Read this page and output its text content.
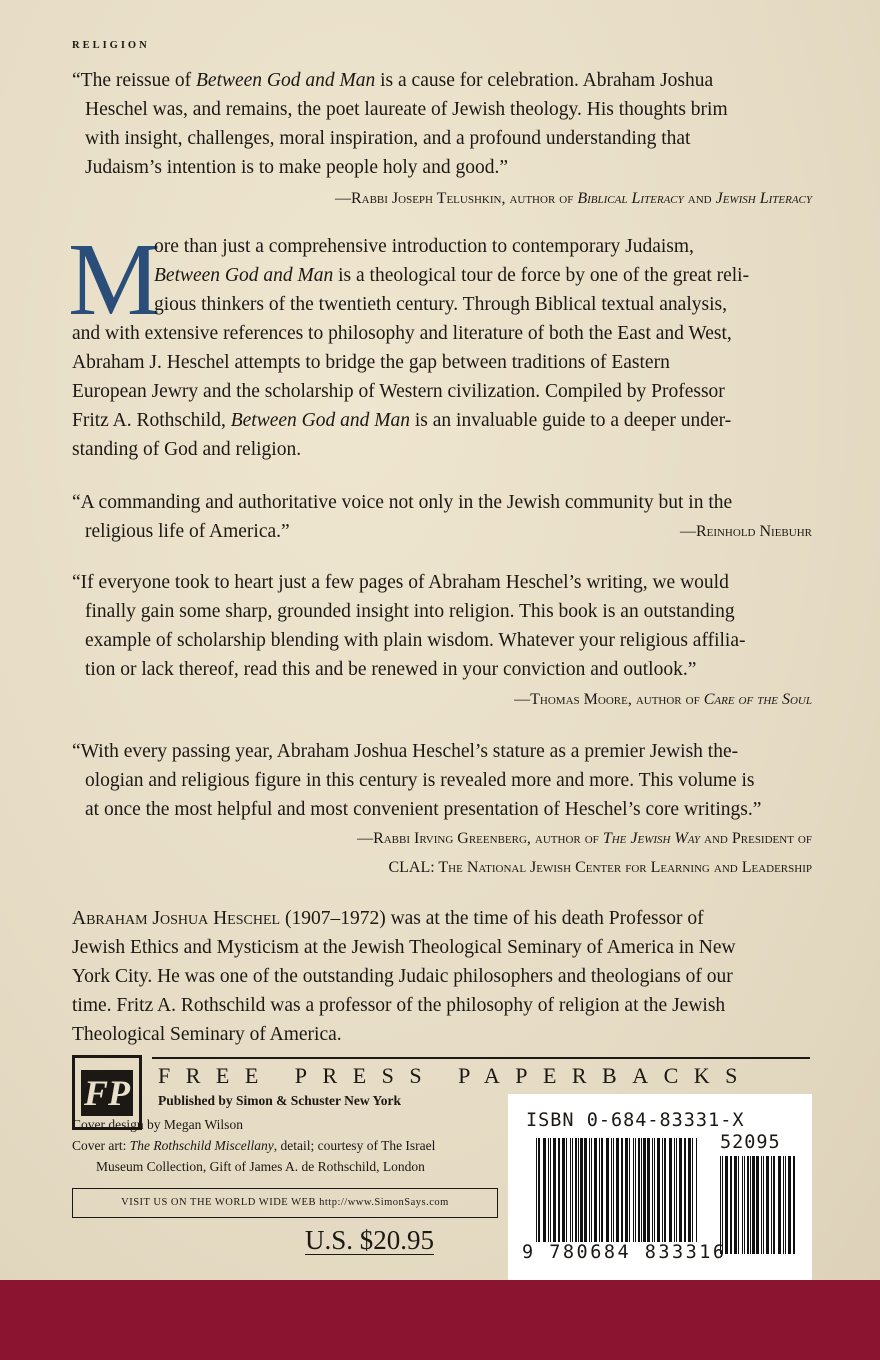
RELIGION
“The reissue of Between God and Man is a cause for celebration. Abraham Joshua

Heschel was, and remains, the poet laureate of Jewish theology. His thoughts brim
with insight, challenges, moral inspiration, and a profound understanding that
Judaism’s intention is to make people holy and good.”
—Rabbi Joseph Telushkin, author of Biblical Literacy and Jewish Literacy
M
ore than just a comprehensive introduction to contemporary Judaism,
Between God and Man is a theological tour de force by one of the great reli-
gious thinkers of the twentieth century. Through Biblical textual analysis,
and with extensive references to philosophy and literature of both the East and West,
Abraham J. Heschel attempts to bridge the gap between traditions of Eastern
European Jewry and the scholarship of Western civilization. Compiled by Professor
Fritz A. Rothschild, Between God and Man is an invaluable guide to a deeper under-
standing of God and religion.
“A commanding and authoritative voice not only in the Jewish community but in the

religious life of America.”	—Reinhold Niebuhr
“If everyone took to heart just a few pages of Abraham Heschel’s writing, we would

finally gain some sharp, grounded insight into religion. This book is an outstanding
example of scholarship blending with plain wisdom. Whatever your religious affilia-
tion or lack thereof, read this and be renewed in your conviction and outlook.”
—Thomas Moore, author of Care of the Soul
“With every passing year, Abraham Joshua Heschel’s stature as a premier Jewish the-

ologian and religious figure in this century is revealed more and more. This volume is
at once the most helpful and most convenient presentation of Heschel’s core writings.”
—Rabbi Irving Greenberg, author of The Jewish Way and President of
CLAL: The National Jewish Center for Learning and Leadership
Abraham Joshua Heschel (1907–1972) was at the time of his death Professor of
Jewish Ethics and Mysticism at the Jewish Theological Seminary of America in New
York City. He was one of the outstanding Judaic philosophers and theologians of our
time. Fritz A. Rothschild was a professor of the philosophy of religion at the Jewish
Theological Seminary of America.
FP FREE PRESS PAPERBACKS
Published by Simon & Schuster New York
Cover design by Megan Wilson
Cover art: The Rothschild Miscellany, detail; courtesy of The Israel
Museum Collection, Gift of James A. de Rothschild, London
VISIT US ON THE WORLD WIDE WEB http://www.SimonSays.com
U.S. $20.95
ISBN 0-684-83331-X
52095
9 780684 833316
